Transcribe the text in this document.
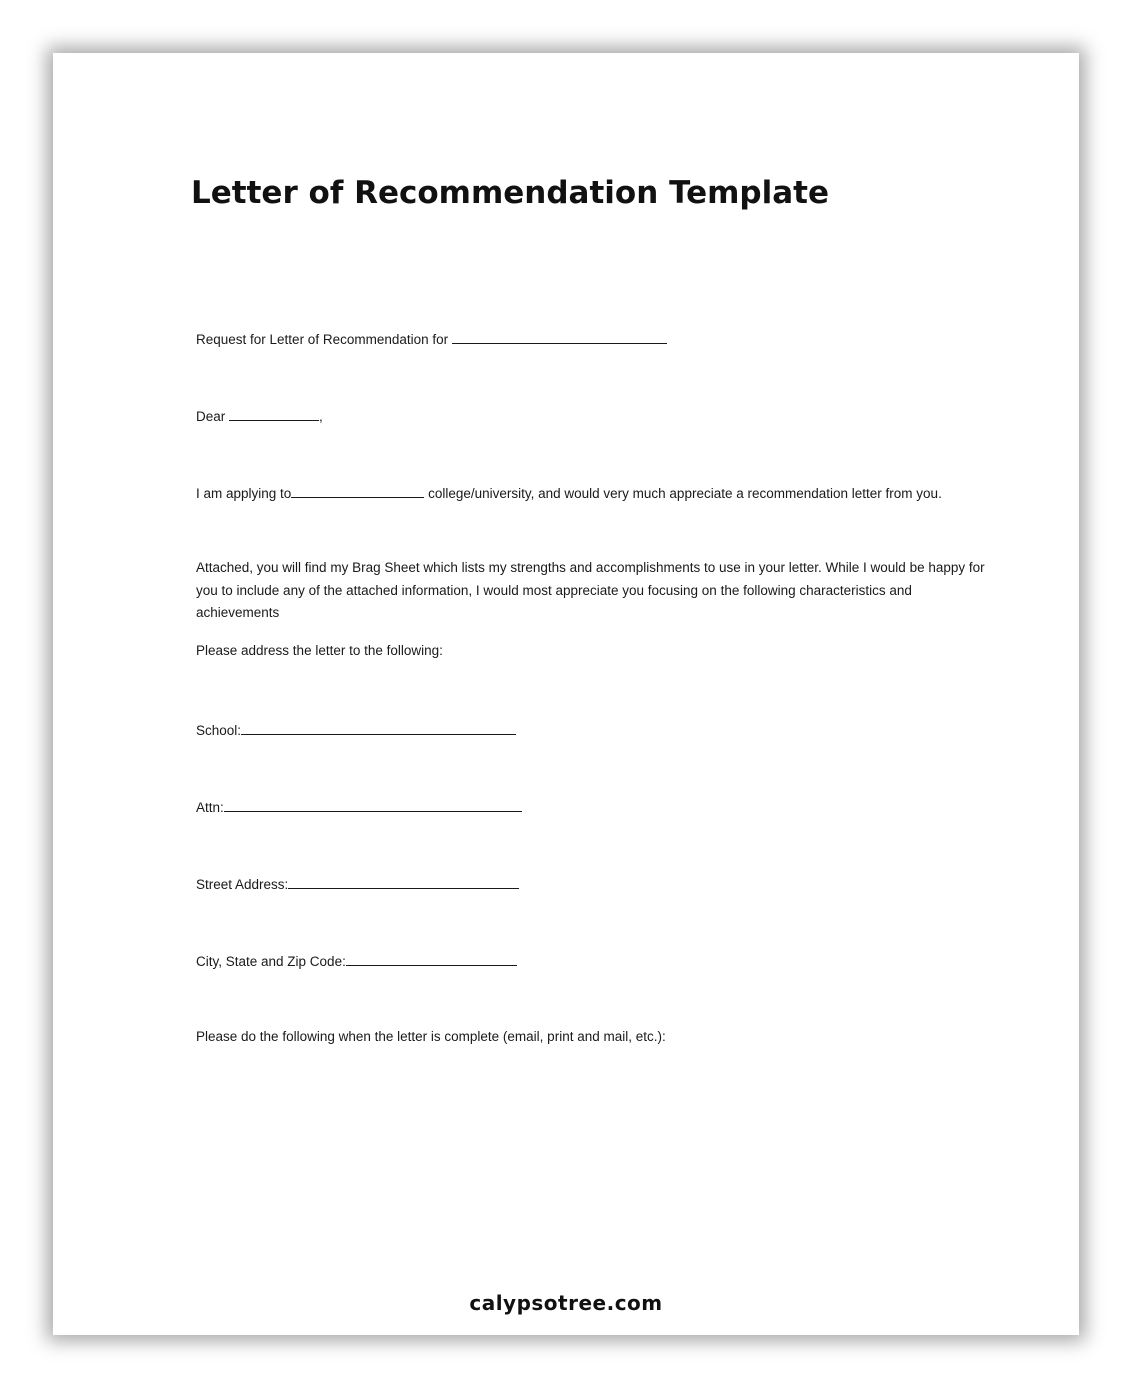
Letter of Recommendation Template

Request for Letter of Recommendation for

Dear	,

I am applying to	college/university, and would very much appreciate a recommendation letter from you.

Attached, you will find my Brag Sheet which lists my strengths and accomplishments to use in your letter. While I would be happy for you to include any of the attached information, I would most appreciate you focusing on the following characteristics and achievements

Please address the letter to the following:

School:

Attn:

Street Address:

City, State and Zip Code:

Please do the following when the letter is complete (email, print and mail, etc.):

calypsotree.com
